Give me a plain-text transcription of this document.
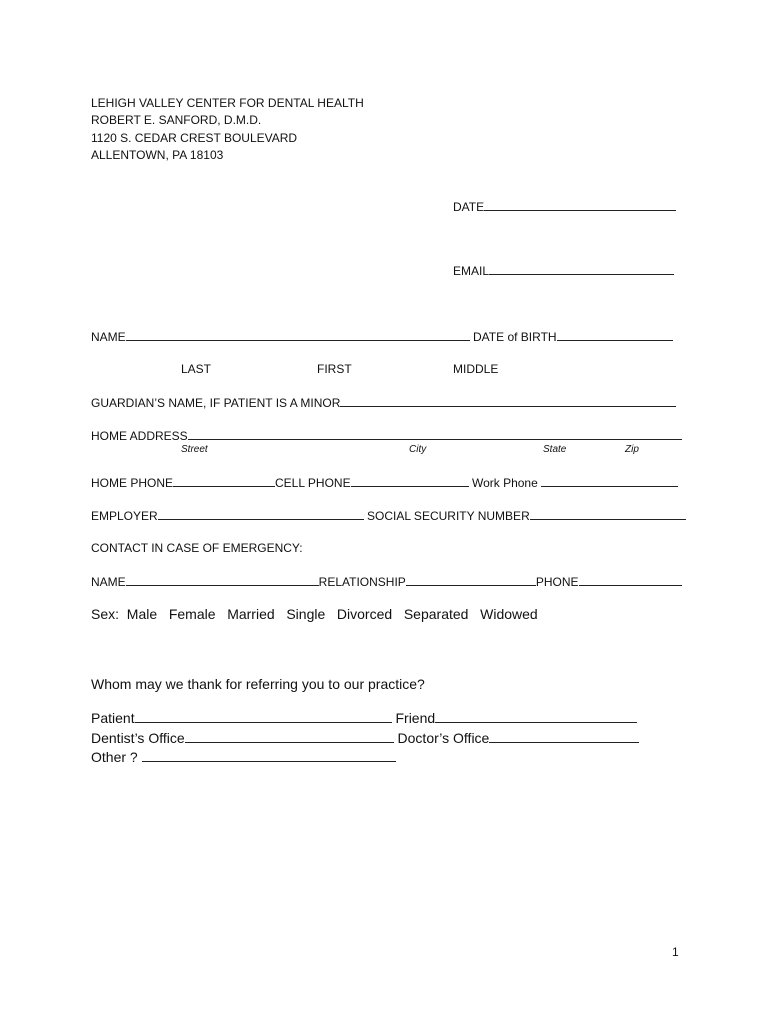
LEHIGH VALLEY CENTER FOR DENTAL HEALTH
ROBERT E. SANFORD, D.M.D.
1120 S. CEDAR CREST BOULEVARD
ALLENTOWN, PA 18103
DATE
EMAIL
NAME	DATE of BIRTH
LAST	FIRST	MIDDLE
GUARDIAN’S NAME, IF PATIENT IS A MINOR
HOME ADDRESS
Street	City	State	Zip
HOME PHONE	CELL PHONE	Work Phone
EMPLOYER	SOCIAL SECURITY NUMBER
CONTACT IN CASE OF EMERGENCY:
NAME	RELATIONSHIP	PHONE
Sex: Male Female Married Single Divorced Separated Widowed
Whom may we thank for referring you to our practice?
Patient	Friend
Dentist’s Office	Doctor’s Office
Other ?
1
